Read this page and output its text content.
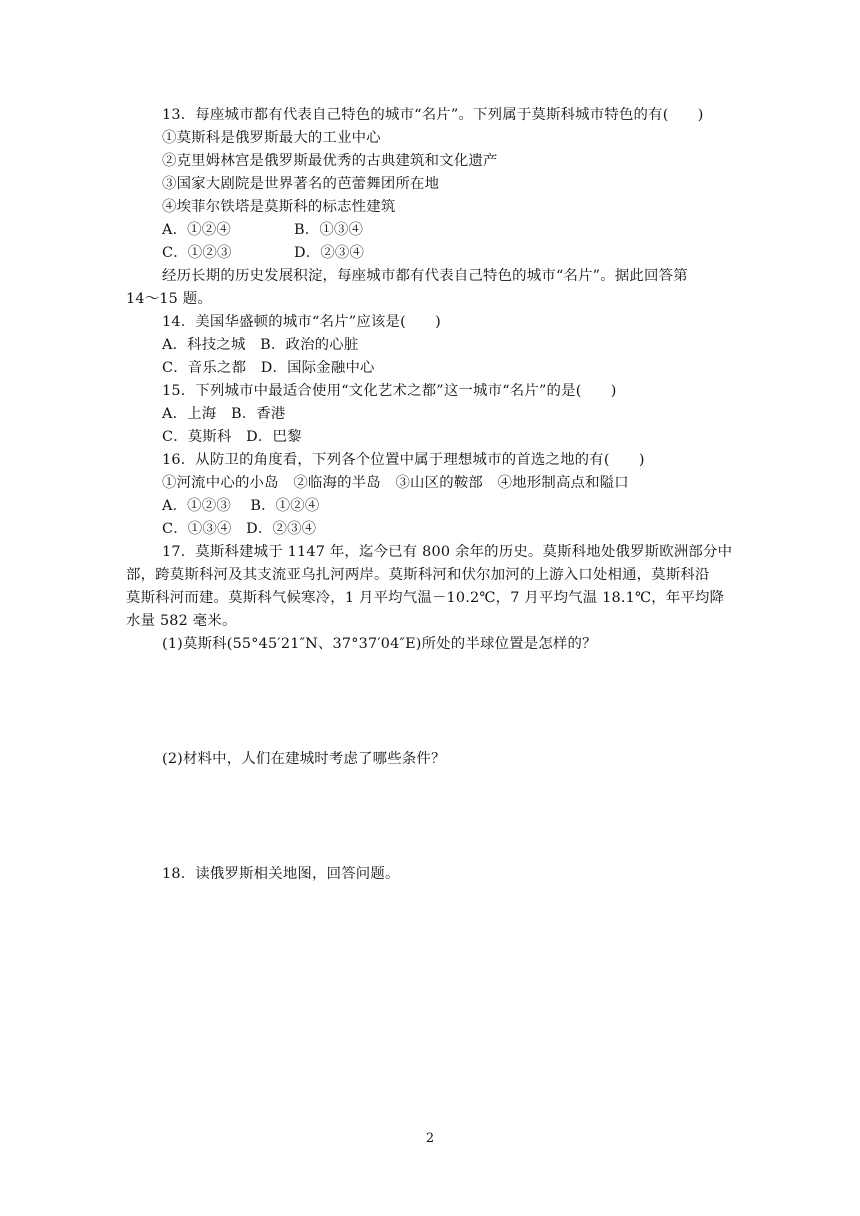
13．每座城市都有代表自己特色的城市“名片”。下列属于莫斯科城市特色的有(　　)
①莫斯科是俄罗斯最大的工业中心
②克里姆林宫是俄罗斯最优秀的古典建筑和文化遗产
③国家大剧院是世界著名的芭蕾舞团所在地
④埃菲尔铁塔是莫斯科的标志性建筑
A．①②④	B．①③④
C．①②③	D．②③④
经历长期的历史发展积淀，每座城市都有代表自己特色的城市“名片”。据此回答第
14～15 题。
14．美国华盛顿的城市“名片”应该是(　　)
A．科技之城　B．政治的心脏
C．音乐之都　D．国际金融中心
15．下列城市中最适合使用“文化艺术之都”这一城市“名片”的是(　　)
A．上海　B．香港
C．莫斯科　D．巴黎
16．从防卫的角度看，下列各个位置中属于理想城市的首选之地的有(　　)
①河流中心的小岛　②临海的半岛　③山区的鞍部　④地形制高点和隘口
A．①②③　 B．①②④
C．①③④　D．②③④
17．莫斯科建城于 1147 年，迄今已有 800 余年的历史。莫斯科地处俄罗斯欧洲部分中
部，跨莫斯科河及其支流亚乌扎河两岸。莫斯科河和伏尔加河的上游入口处相通，莫斯科沿
莫斯科河而建。莫斯科气候寒冷，1 月平均气温－10.2℃，7 月平均气温 18.1℃，年平均降
水量 582 毫米。
(1)莫斯科(55°45′21″N、37°37′04″E)所处的半球位置是怎样的？
(2)材料中，人们在建城时考虑了哪些条件？
18．读俄罗斯相关地图，回答问题。
2
